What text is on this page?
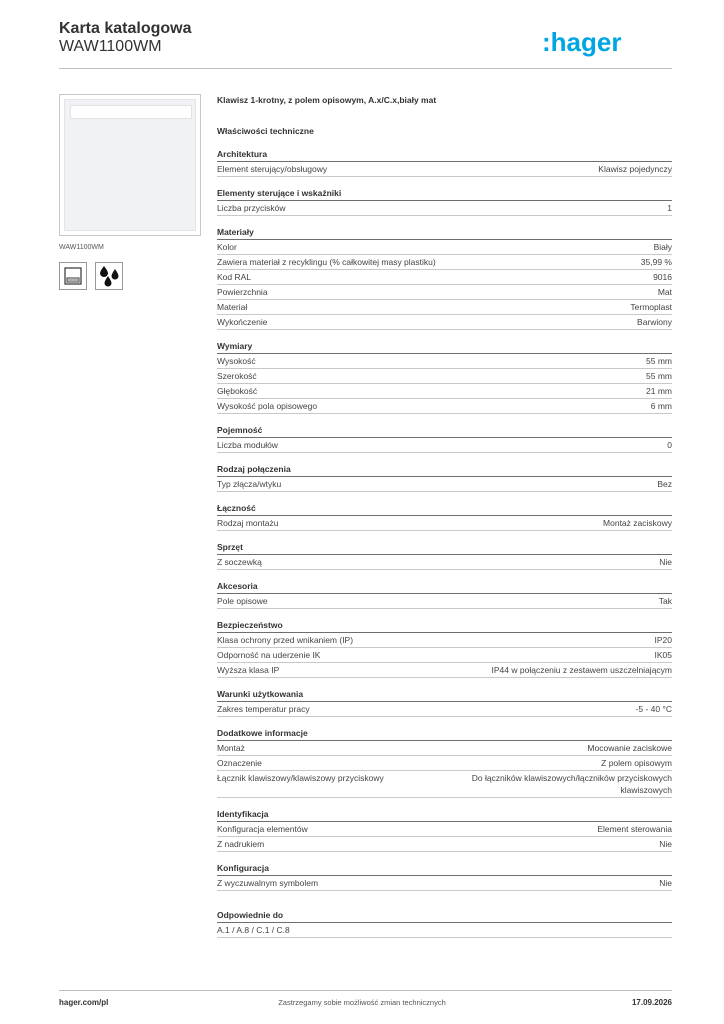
Karta katalogowa
WAW1100WM	:hager
WAW1100WM
Klawisz 1-krotny, z polem opisowym, A.x/C.x,biały mat
Właściwości techniczne
Architektura
Element sterujący/obsługowy	Klawisz pojedynczy
Elementy sterujące i wskaźniki
Liczba przycisków	1
Materiały
Kolor	Biały
Zawiera materiał z recyklingu (% całkowitej masy plastiku)	35,99 %
Kod RAL	9016
Powierzchnia	Mat
Materiał	Termoplast
Wykończenie	Barwiony
Wymiary
Wysokość	55 mm
Szerokość	55 mm
Głębokość	21 mm
Wysokość pola opisowego	6 mm
Pojemność
Liczba modułów	0
Rodzaj połączenia
Typ złącza/wtyku	Bez
Łączność
Rodzaj montażu	Montaż zaciskowy
Sprzęt
Z soczewką	Nie
Akcesoria
Pole opisowe	Tak
Bezpieczeństwo
Klasa ochrony przed wnikaniem (IP)	IP20
Odporność na uderzenie IK	IK05
Wyższa klasa IP	IP44 w połączeniu z zestawem uszczelniającym
Warunki użytkowania
Zakres temperatur pracy	-5 - 40 °C
Dodatkowe informacje
Montaż	Mocowanie zaciskowe
Oznaczenie	Z polem opisowym
Łącznik klawiszowy/klawiszowy przyciskowy	Do łączników klawiszowych/łączników przyciskowych klawiszowych
Identyfikacja
Konfiguracja elementów	Element sterowania
Z nadrukiem	Nie
Konfiguracja
Z wyczuwalnym symbolem	Nie
Odpowiednie do
A.1 / A.8 / C.1 / C.8
hager.com/pl	Zastrzegamy sobie możliwość zmian technicznych	17.09.2026
